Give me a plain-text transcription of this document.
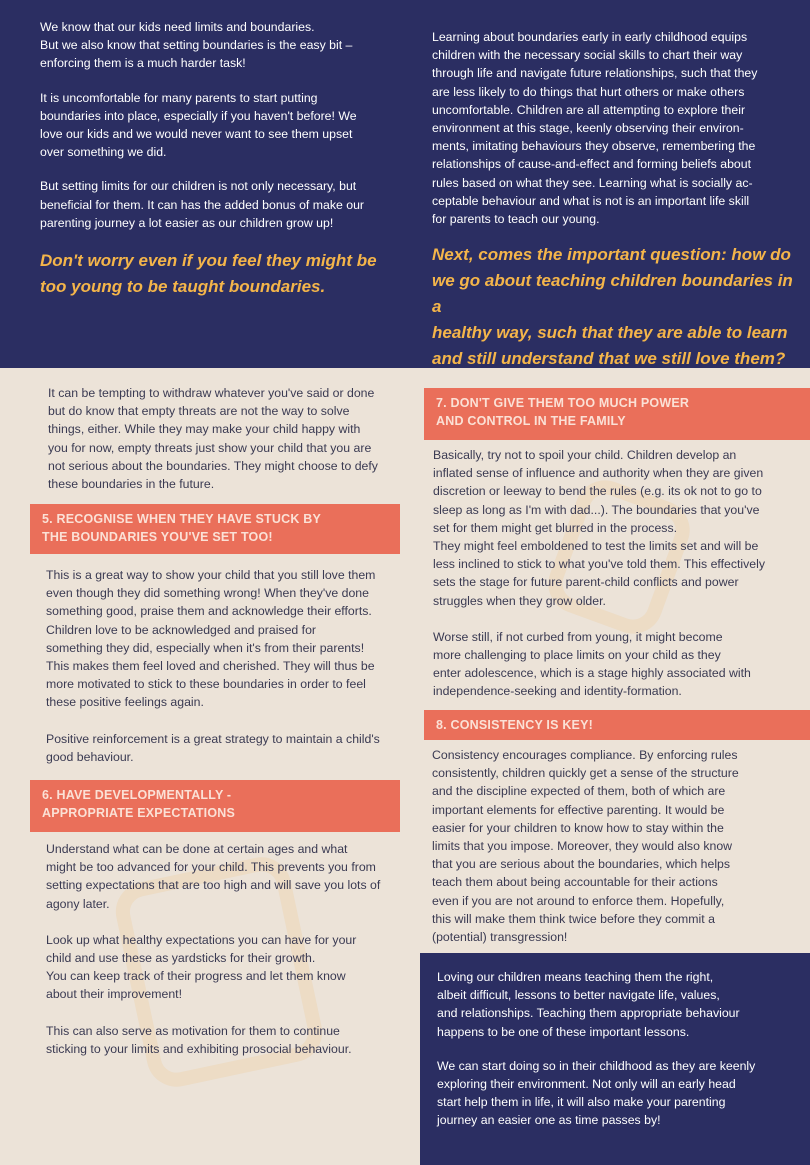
We know that our kids need limits and boundaries.
But we also know that setting boundaries is the easy bit –
enforcing them is a much harder task!

It is uncomfortable for many parents to start putting
boundaries into place, especially if you haven't before! We
love our kids and we would never want to see them upset
over something we did.

But setting limits for our children is not only necessary, but
beneficial for them. It can has the added bonus of make our
parenting journey a lot easier as our children grow up!

Don't worry even if you feel they might be
too young to be taught boundaries.

Learning about boundaries early in early childhood equips
children with the necessary social skills to chart their way
through life and navigate future relationships, such that they
are less likely to do things that hurt others or make others
uncomfortable. Children are all attempting to explore their
environment at this stage, keenly observing their environ-
ments, imitating behaviours they observe, remembering the
relationships of cause-and-effect and forming beliefs about
rules based on what they see. Learning what is socially ac-
ceptable behaviour and what is not is an important life skill
for parents to teach our young.

Next, comes the important question: how do
we go about teaching children boundaries in a
healthy way, such that they are able to learn
and still understand that we still love them?

It can be tempting to withdraw whatever you've said or done
but do know that empty threats are not the way to solve
things, either. While they may make your child happy with
you for now, empty threats just show your child that you are
not serious about the boundaries. They might choose to defy
these boundaries in the future.

5. RECOGNISE WHEN THEY HAVE STUCK BY
THE BOUNDARIES YOU'VE SET TOO!

This is a great way to show your child that you still love them
even though they did something wrong! When they've done
something good, praise them and acknowledge their efforts.
Children love to be acknowledged and praised for
something they did, especially when it's from their parents!
This makes them feel loved and cherished. They will thus be
more motivated to stick to these boundaries in order to feel
these positive feelings again.

Positive reinforcement is a great strategy to maintain a child's
good behaviour.

6. HAVE DEVELOPMENTALLY -
APPROPRIATE EXPECTATIONS

Understand what can be done at certain ages and what
might be too advanced for your child. This prevents you from
setting expectations that are too high and will save you lots of
agony later.

Look up what healthy expectations you can have for your
child and use these as yardsticks for their growth.
You can keep track of their progress and let them know
about their improvement!

This can also serve as motivation for them to continue
sticking to your limits and exhibiting prosocial behaviour.

7. DON'T GIVE THEM TOO MUCH POWER
AND CONTROL IN THE FAMILY

Basically, try not to spoil your child. Children develop an
inflated sense of influence and authority when they are given
discretion or leeway to bend the rules (e.g. its ok not to go to
sleep as long as I'm with dad...). The boundaries that you've
set for them might get blurred in the process.
They might feel emboldened to test the limits set and will be
less inclined to stick to what you've told them. This effectively
sets the stage for future parent-child conflicts and power
struggles when they grow older.

Worse still, if not curbed from young, it might become
more challenging to place limits on your child as they
enter adolescence, which is a stage highly associated with
independence-seeking and identity-formation.

8. CONSISTENCY IS KEY!

Consistency encourages compliance. By enforcing rules
consistently, children quickly get a sense of the structure
and the discipline expected of them, both of which are
important elements for effective parenting. It would be
easier for your children to know how to stay within the
limits that you impose. Moreover, they would also know
that you are serious about the boundaries, which helps
teach them about being accountable for their actions
even if you are not around to enforce them. Hopefully,
this will make them think twice before they commit a
(potential) transgression!

Loving our children means teaching them the right,
albeit difficult, lessons to better navigate life, values,
and relationships. Teaching them appropriate behaviour
happens to be one of these important lessons.

We can start doing so in their childhood as they are keenly
exploring their environment. Not only will an early head
start help them in life, it will also make your parenting
journey an easier one as time passes by!
